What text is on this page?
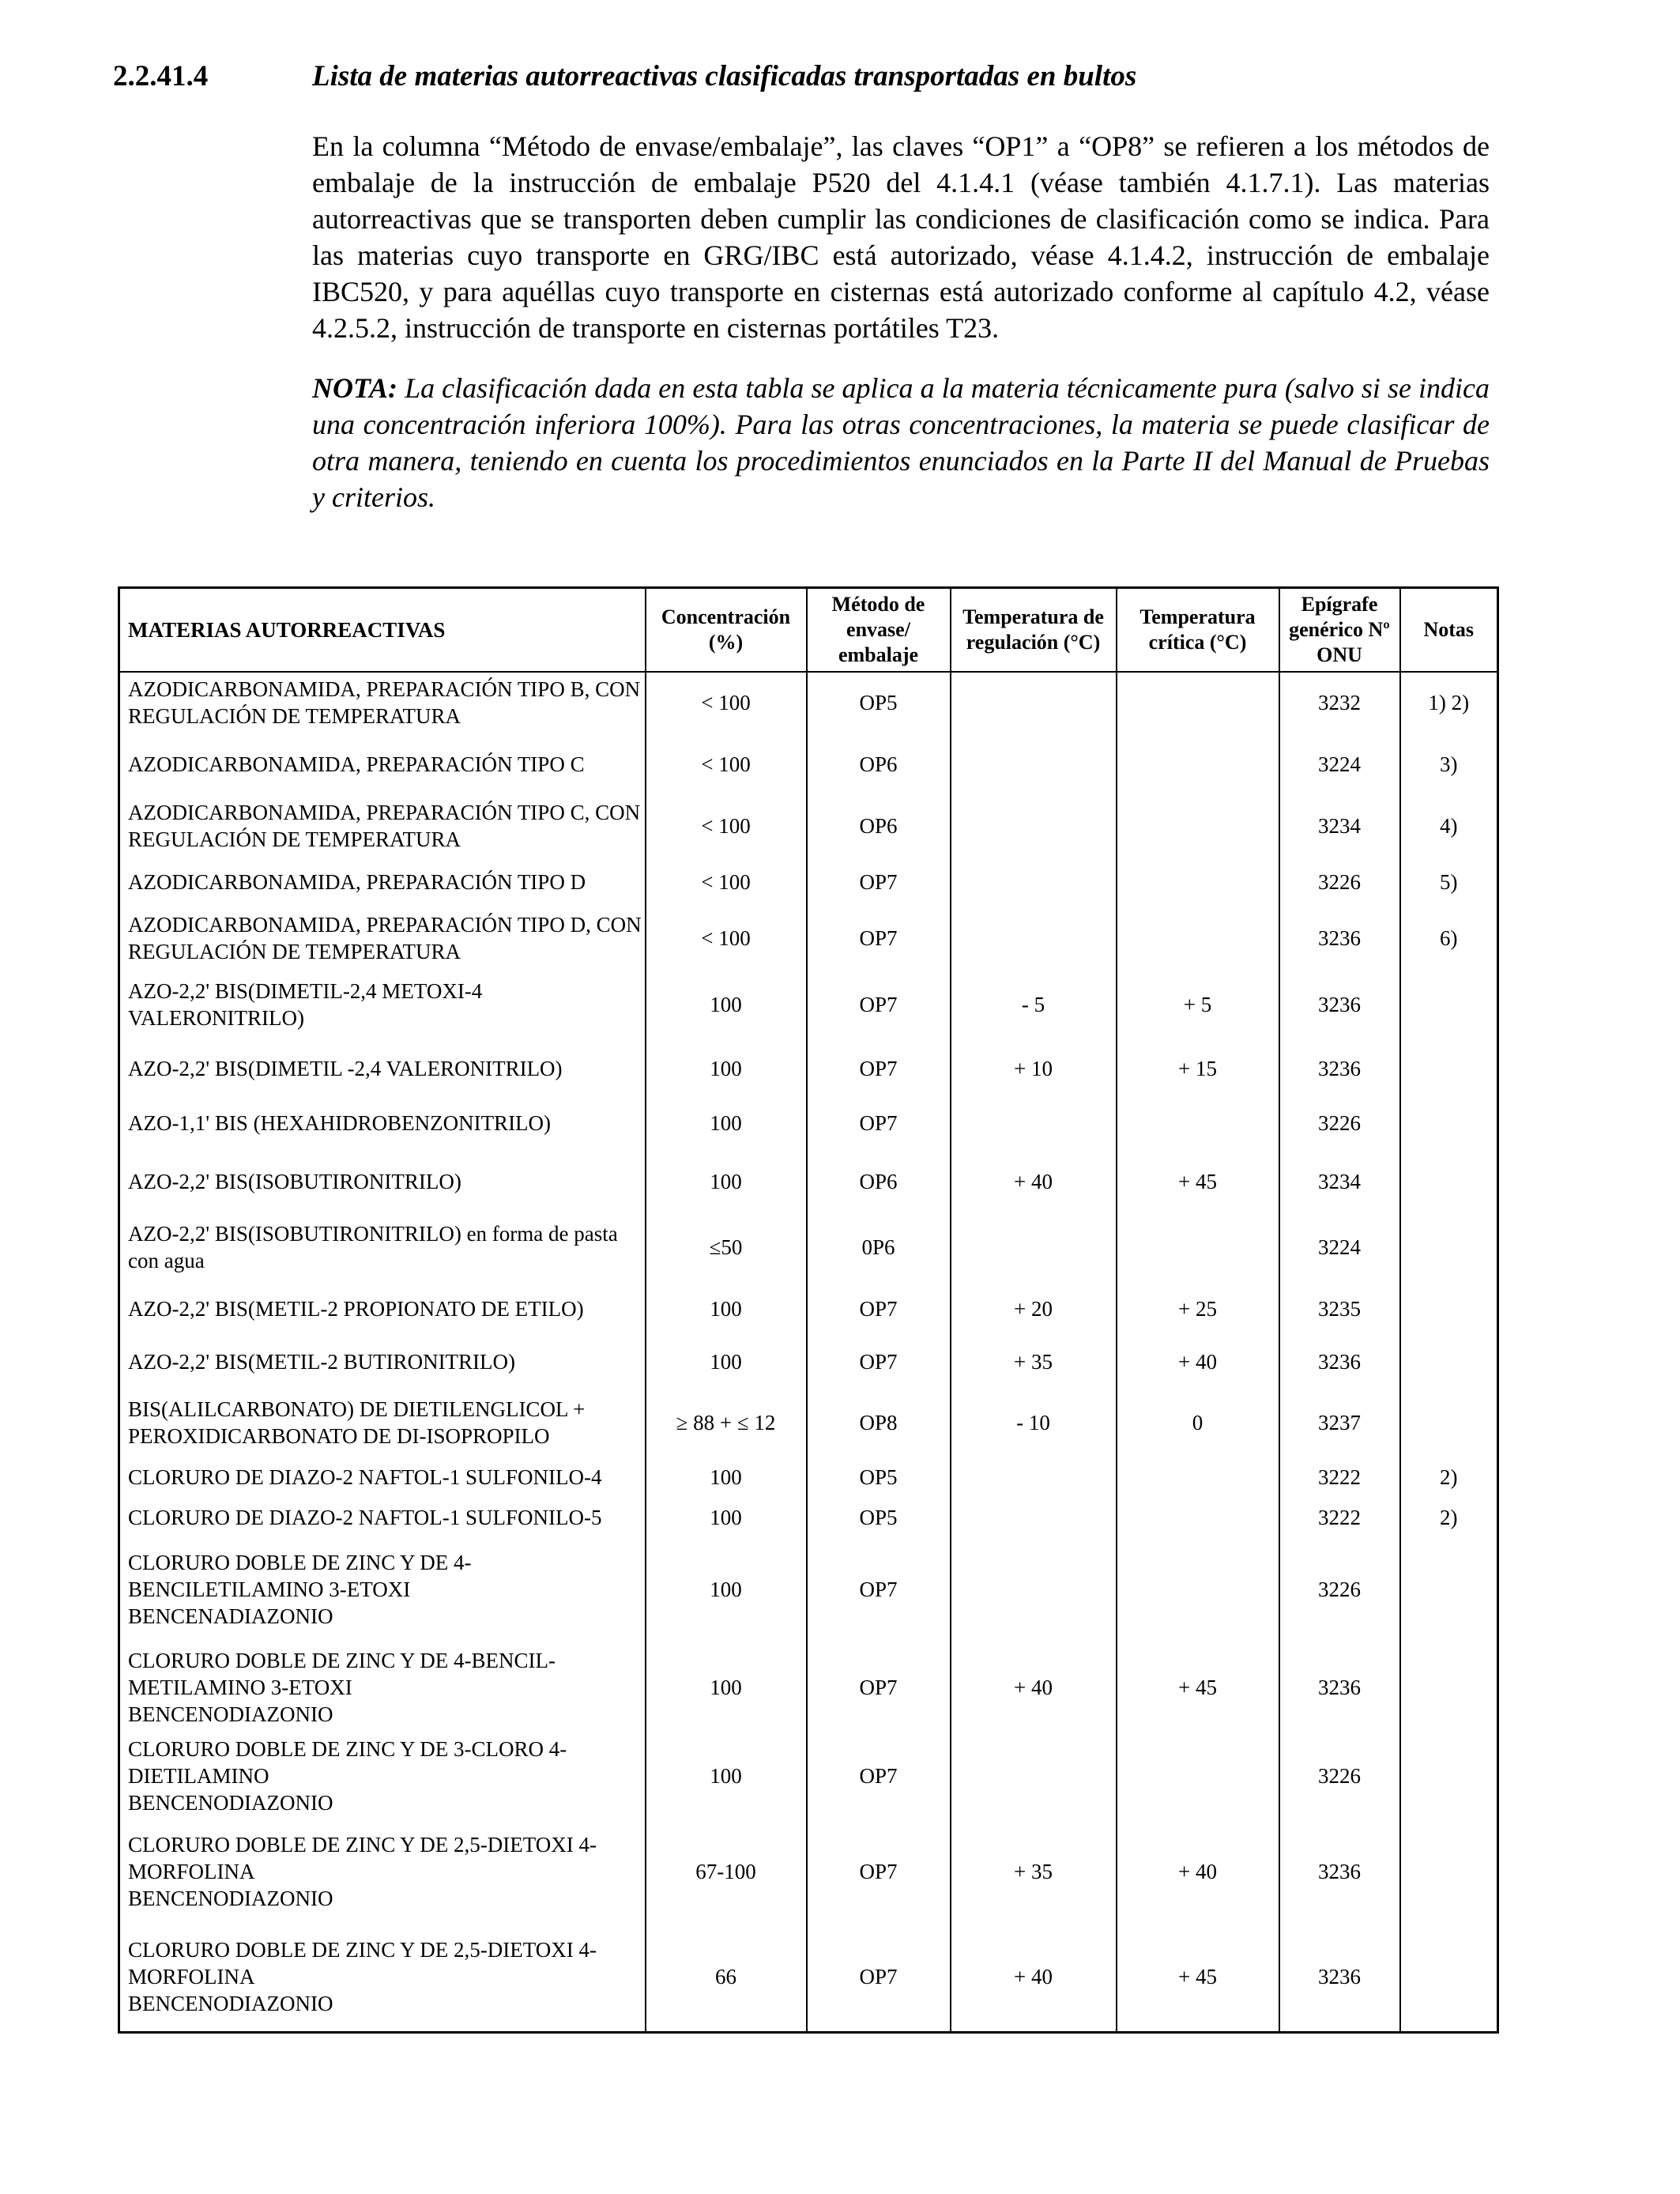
2.2.41.4	Lista de materias autorreactivas clasificadas transportadas en bultos

En la columna “Método de envase/embalaje”, las claves “OP1” a “OP8” se refieren a los métodos de embalaje de la instrucción de embalaje P520 del 4.1.4.1 (véase también 4.1.7.1). Las materias autorreactivas que se transporten deben cumplir las condiciones de clasificación como se indica. Para las materias cuyo transporte en GRG/IBC está autorizado, véase 4.1.4.2, instrucción de embalaje IBC520, y para aquéllas cuyo transporte en cisternas está autorizado conforme al capítulo 4.2, véase 4.2.5.2, instrucción de transporte en cisternas portátiles T23.

NOTA: La clasificación dada en esta tabla se aplica a la materia técnicamente pura (salvo si se indica una concentración inferiora 100%). Para las otras concentraciones, la materia se puede clasificar de otra manera, teniendo en cuenta los procedimientos enunciados en la Parte II del Manual de Pruebas y criterios.

MATERIAS AUTORREACTIVAS	Concentración (%)	Método de envase/ embalaje	Temperatura de regulación (°C)	Temperatura crítica (°C)	Epígrafe genérico Nº ONU	Notas
AZODICARBONAMIDA, PREPARACIÓN TIPO B, CON REGULACIÓN DE TEMPERATURA	< 100	OP5			3232	1) 2)
AZODICARBONAMIDA, PREPARACIÓN TIPO C	< 100	OP6			3224	3)
AZODICARBONAMIDA, PREPARACIÓN TIPO C, CON REGULACIÓN DE TEMPERATURA	< 100	OP6			3234	4)
AZODICARBONAMIDA, PREPARACIÓN TIPO D	< 100	OP7			3226	5)
AZODICARBONAMIDA, PREPARACIÓN TIPO D, CON REGULACIÓN DE TEMPERATURA	< 100	OP7			3236	6)
AZO-2,2' BIS(DIMETIL-2,4 METOXI-4 VALERONITRILO)	100	OP7	- 5	+ 5	3236	
AZO-2,2' BIS(DIMETIL -2,4 VALERONITRILO)	100	OP7	+ 10	+ 15	3236	
AZO-1,1' BIS (HEXAHIDROBENZONITRILO)	100	OP7			3226	
AZO-2,2' BIS(ISOBUTIRONITRILO)	100	OP6	+ 40	+ 45	3234	
AZO-2,2' BIS(ISOBUTIRONITRILO) en forma de pasta con agua	≤50	0P6			3224	
AZO-2,2' BIS(METIL-2 PROPIONATO DE ETILO)	100	OP7	+ 20	+ 25	3235	
AZO-2,2' BIS(METIL-2 BUTIRONITRILO)	100	OP7	+ 35	+ 40	3236	
BIS(ALILCARBONATO) DE DIETILENGLICOL + PEROXIDICARBONATO DE DI-ISOPROPILO	≥ 88 + ≤ 12	OP8	- 10	0	3237	
CLORURO DE DIAZO-2 NAFTOL-1 SULFONILO-4	100	OP5			3222	2)
CLORURO DE DIAZO-2 NAFTOL-1 SULFONILO-5	100	OP5			3222	2)
CLORURO DOBLE DE ZINC Y DE 4-
BENCILETILAMINO 3-ETOXI
BENCENADIAZONIO	100	OP7			3226	
CLORURO DOBLE DE ZINC Y DE 4-BENCIL-
METILAMINO 3-ETOXI
BENCENODIAZONIO	100	OP7	+ 40	+ 45	3236	
CLORURO DOBLE DE ZINC Y DE 3-CLORO 4-
DIETILAMINO
BENCENODIAZONIO	100	OP7			3226	
CLORURO DOBLE DE ZINC Y DE 2,5-DIETOXI 4-
MORFOLINA
BENCENODIAZONIO	67-100	OP7	+ 35	+ 40	3236	
CLORURO DOBLE DE ZINC Y DE 2,5-DIETOXI 4-
MORFOLINA
BENCENODIAZONIO	66	OP7	+ 40	+ 45	3236	
